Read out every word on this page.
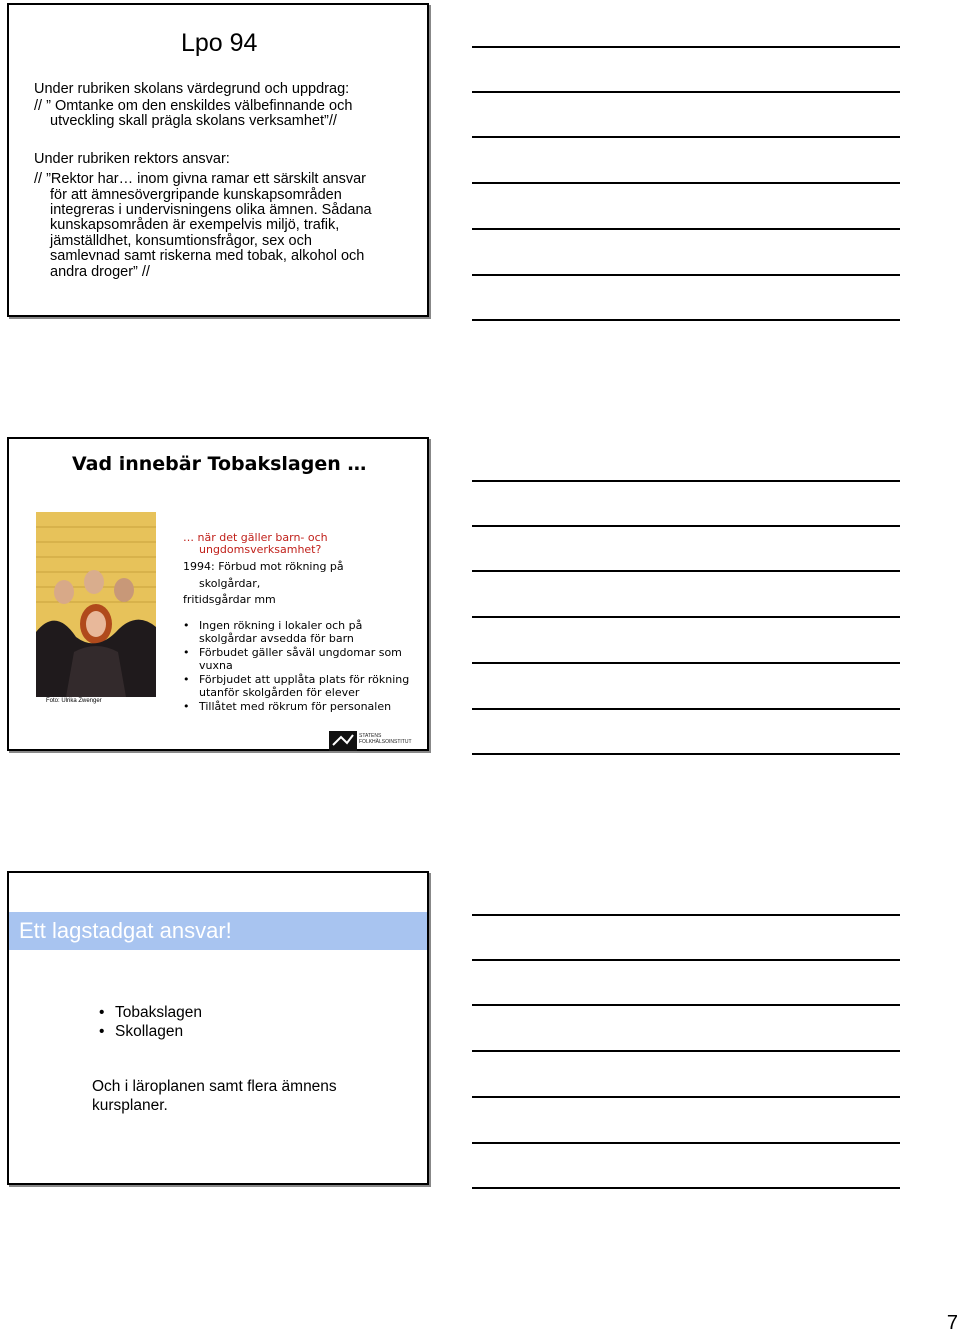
Lpo 94
Under rubriken skolans värdegrund och uppdrag:
// ” Omtanke om den enskildes välbefinnande och
utveckling skall prägla skolans verksamhet”//
Under rubriken rektors ansvar:
// ”Rektor har… inom givna ramar ett särskilt ansvar
för att ämnesövergripande kunskapsområden
integreras i undervisningens olika ämnen. Sådana
kunskapsområden är exempelvis miljö, trafik,
jämställdhet, konsumtionsfrågor, sex och
samlevnad samt riskerna med tobak, alkohol och
andra droger” //
Vad innebär Tobakslagen …
Foto: Ulrika Zwenger
… när det gäller barn- och
ungdomsverksamhet?
1994: Förbud mot rökning på
skolgårdar,
fritidsgårdar mm
• Ingen rökning i lokaler och på
skolgårdar avsedda för barn
• Förbudet gäller såväl ungdomar som
vuxna
• Förbjudet att upplåta plats för rökning
utanför skolgården för elever
• Tillåtet med rökrum för personalen
STATENS FOLKHÄLSOINSTITUT
Ett lagstadgat ansvar!
• Tobakslagen
• Skollagen
Och i läroplanen samt flera ämnens
kursplaner.
7
